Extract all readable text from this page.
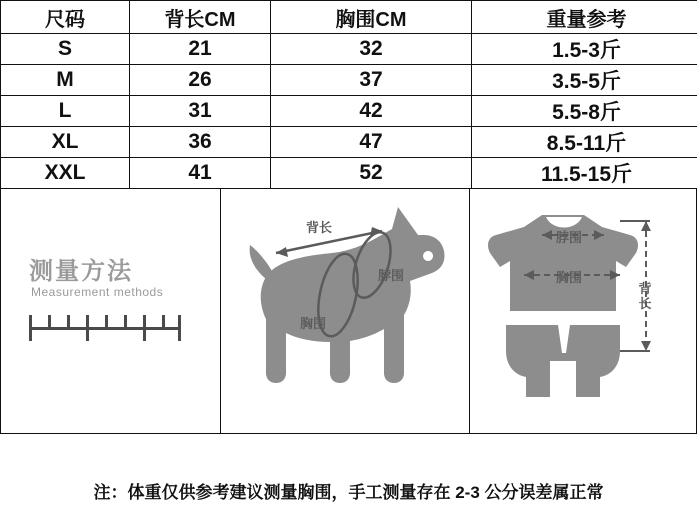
尺码	背长CM	胸围CM	重量参考
S	21	32	1.5-3斤
M	26	37	3.5-5斤
L	31	42	5.5-8斤
XL	36	47	8.5-11斤
XXL	41	52	11.5-15斤
测量方法
Measurement methods
背长
脖围
胸围
脖围
胸围
背长
注：体重仅供参考建议测量胸围，手工测量存在 2-3 公分误差属正常
